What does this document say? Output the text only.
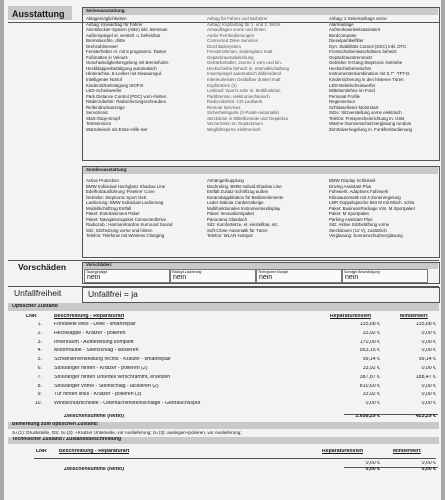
Ausstattung	Serienausstattung:
Ablagemöglichkeiten
Airbag: Knieairbag für Fahrer
Anti-Blockier-System (ABS) inkl. Bremsan
Außenspiegel el. verstell. u. beheizbar
Bremsleuchte, dritte
Drehzahlmesser
Fensterheber el. mit 8 programmi. Tasten
Fußmatten in Velours
Geschwindigkeitsregelung mit Bremsfunkt.
Heckklappenbetätigung automatisch
Hinterachse, 5-Lenker mit Niveauregul.
Intelligenter Notruf
Kindersitzbefestigung ISOFIX
LED-Scheinwerfer
Park Distance Control (PDC) vorn+hinten
Räderzubehör: Radsicherungsschrauben
Reifendruckanzeige
Servotronic
Start-/Stop-Knopf
TeleServices
Warndreieck mit Erste-Hilfe-Set
Airbag für Fahrer und Beifahrer
Airbag: Kopfairbag für 1. und 2. Sitzre
Armauflagen vorne und hinten
Audio-Fernbedienungen
Connected Drive Services
Durchladesystem
Fensterrahmen, seidenglanz matt
Gepäckraumabdeckung
Getränkehalter, 2vorne 2 vorn und hin.
Heckscheibe beheizt m. Intervallschaltung
Innenspiegel automatisch abblendend
Interieurleisten Oxidsilber dunkel matt
Kopfstützen (3)
Lenkrad: Sport-Leder m. Multifunktion
Parkbremse, elektromechanisch
Radiozubehör: CD-Laufwerk
Remote Services
Sicherheitsgurte (3-Punkt-Automatik)
Steckdose in Mittelkonsole und Gepäckra
Verzurrösen im Gepäckraum
Wegfahrsperre elektronisch
Airbag: 2 Seitenairbags vorne
Alarmanlage
Aufmerksamkeitsassistent
Bordcomputer
Dieselpartikelfilter
Dyn. Stabilitäts Control (DSC) inkl. DTC
Frontscheibenwaschdüsen beheizt
Gepäckraumtrennnetz
Getriebe: 8-Gang-Steptronic Getriebe
Heckscheibenwischer
Instrumentenkombination mit 5,7" -TFT-D.
Kindersicherung in den hinteren Türen
LED-Nebelscheinwerfer
Mittelarmlehne im Fond
Personal Profile
Regensensor
Schlüsselloser Motorstart
Sitze: Sitzverstellung vorne elektrisch
Telefon: Freisprecheinrichtung m. USB
Wärme-/Sonnenschutzverglasung rundum
Zentralverriegelung m. Funkfernbedienung
Sonderausstattung:
Active Protection
BMW Individual Hochglanz Shadow Line
Edelholzausführung 'Fineline' Cove
Getriebe: Steptronic Sport Getr.
Lackierung: BMW Individual-Lackierung
Modellschriftzug Entfall
Paket: Entertainment Paket
Paket: Navigationspaket ConnectedDrive
Radiozub.: Harman/Kardon Surround Sound
Sitz: Sitzheizung vorne und hinten
Telefon: Telefonie mit Wireless Charging
Anhängerkupplung
Dachreling, BMW Individ.Shadow Line
Entfall Zusatz-Schriftzug außen
Keramikapplikation für Bedienelemente
Leder Dakota Canberrabeige
Multifunktionales Instrumentendisplay
Paket: Innovationspaket
Panorama Glasdach
Sitz: Komfortsitze, el. einstellbar, etc.
Soft-Close-Automatik für Türen
Telefon: WLAN Hotspot
BMW Display Schlüssel
Driving Assistant Plus
Fahrwerk: Adaptives Fahrwerk
Klimaautomatik mit 4-Zonenregelung
LMR Doppelspeiche 664 M mit Misch. schw.
Paket: BusinessPackage Vim. M Sportpaket
Paket: M Sportpaket
Parking Assistant Plus
Sitz: Aktive Sitzbelüftung vorne
Steckdosen (12 V), zusätzlich
Verglasung: Sonnenschutzverglasung
Vorschäden	Vorschäden:
Tauchgepäppt
nein
Radlauf-Lackierung
nein
Technischer Mangel
nein
Sonstige Beschädigung
nein
Unfallfreiheit	Unfallfrei = ja
Optischer Zustand
LNR	Beschreibung - Reparaturart	Reparaturkosten	Minderwert
1. Fondseite links - Delle - smartrepair	135,68 €	135,68 €
2. Heckklappe - Kratzer - polieren	33,92 €	0,00 €
3. Innenraum - Aufbereitung komplett	170,00 €	0,00 €
4. Motorhaube - Steinschlag - lackieren	953,15 €	0,00 €
5. Schwellerverkleidung rechts - Kratzer - smartrepair	99,14 €	99,14 €
6. Stoßfänger hinten - Kratzer - polieren (2)	33,92 €	0,00 €
7. Stoßfänger hinten Unterteil verschrammt, ersetzen	387,87 €	188,47 €
8. Stoßfänger vorne - Steinschlag - lackieren (2)	810,69 €	0,00 €
9. Tür hinten links - Kratzer - polieren (3)	33,92 €	0,00 €
10. Windschutzscheibe - Oberflächensteinschläge - Gebrauchsspur	0,00 €	0,00 €
Zwischensumme (Netto)	2.658,29 €	423,29 €
Bemerkung zum optischen Zustand:
zu (1): Druckstelle, GS; zu (2): +Kratzer Unterseite, vor Auslieferung; zu (3): auslegen+polieren, vor Auslieferung;
Technischer Zustand / Zustandsbeschreibung
LNR Beschreibung - Reparaturart	Reparaturkosten	Minderwert
0,00 €	0,00 €
Zwischensumme (Netto)	0,00 €	0,00 €
